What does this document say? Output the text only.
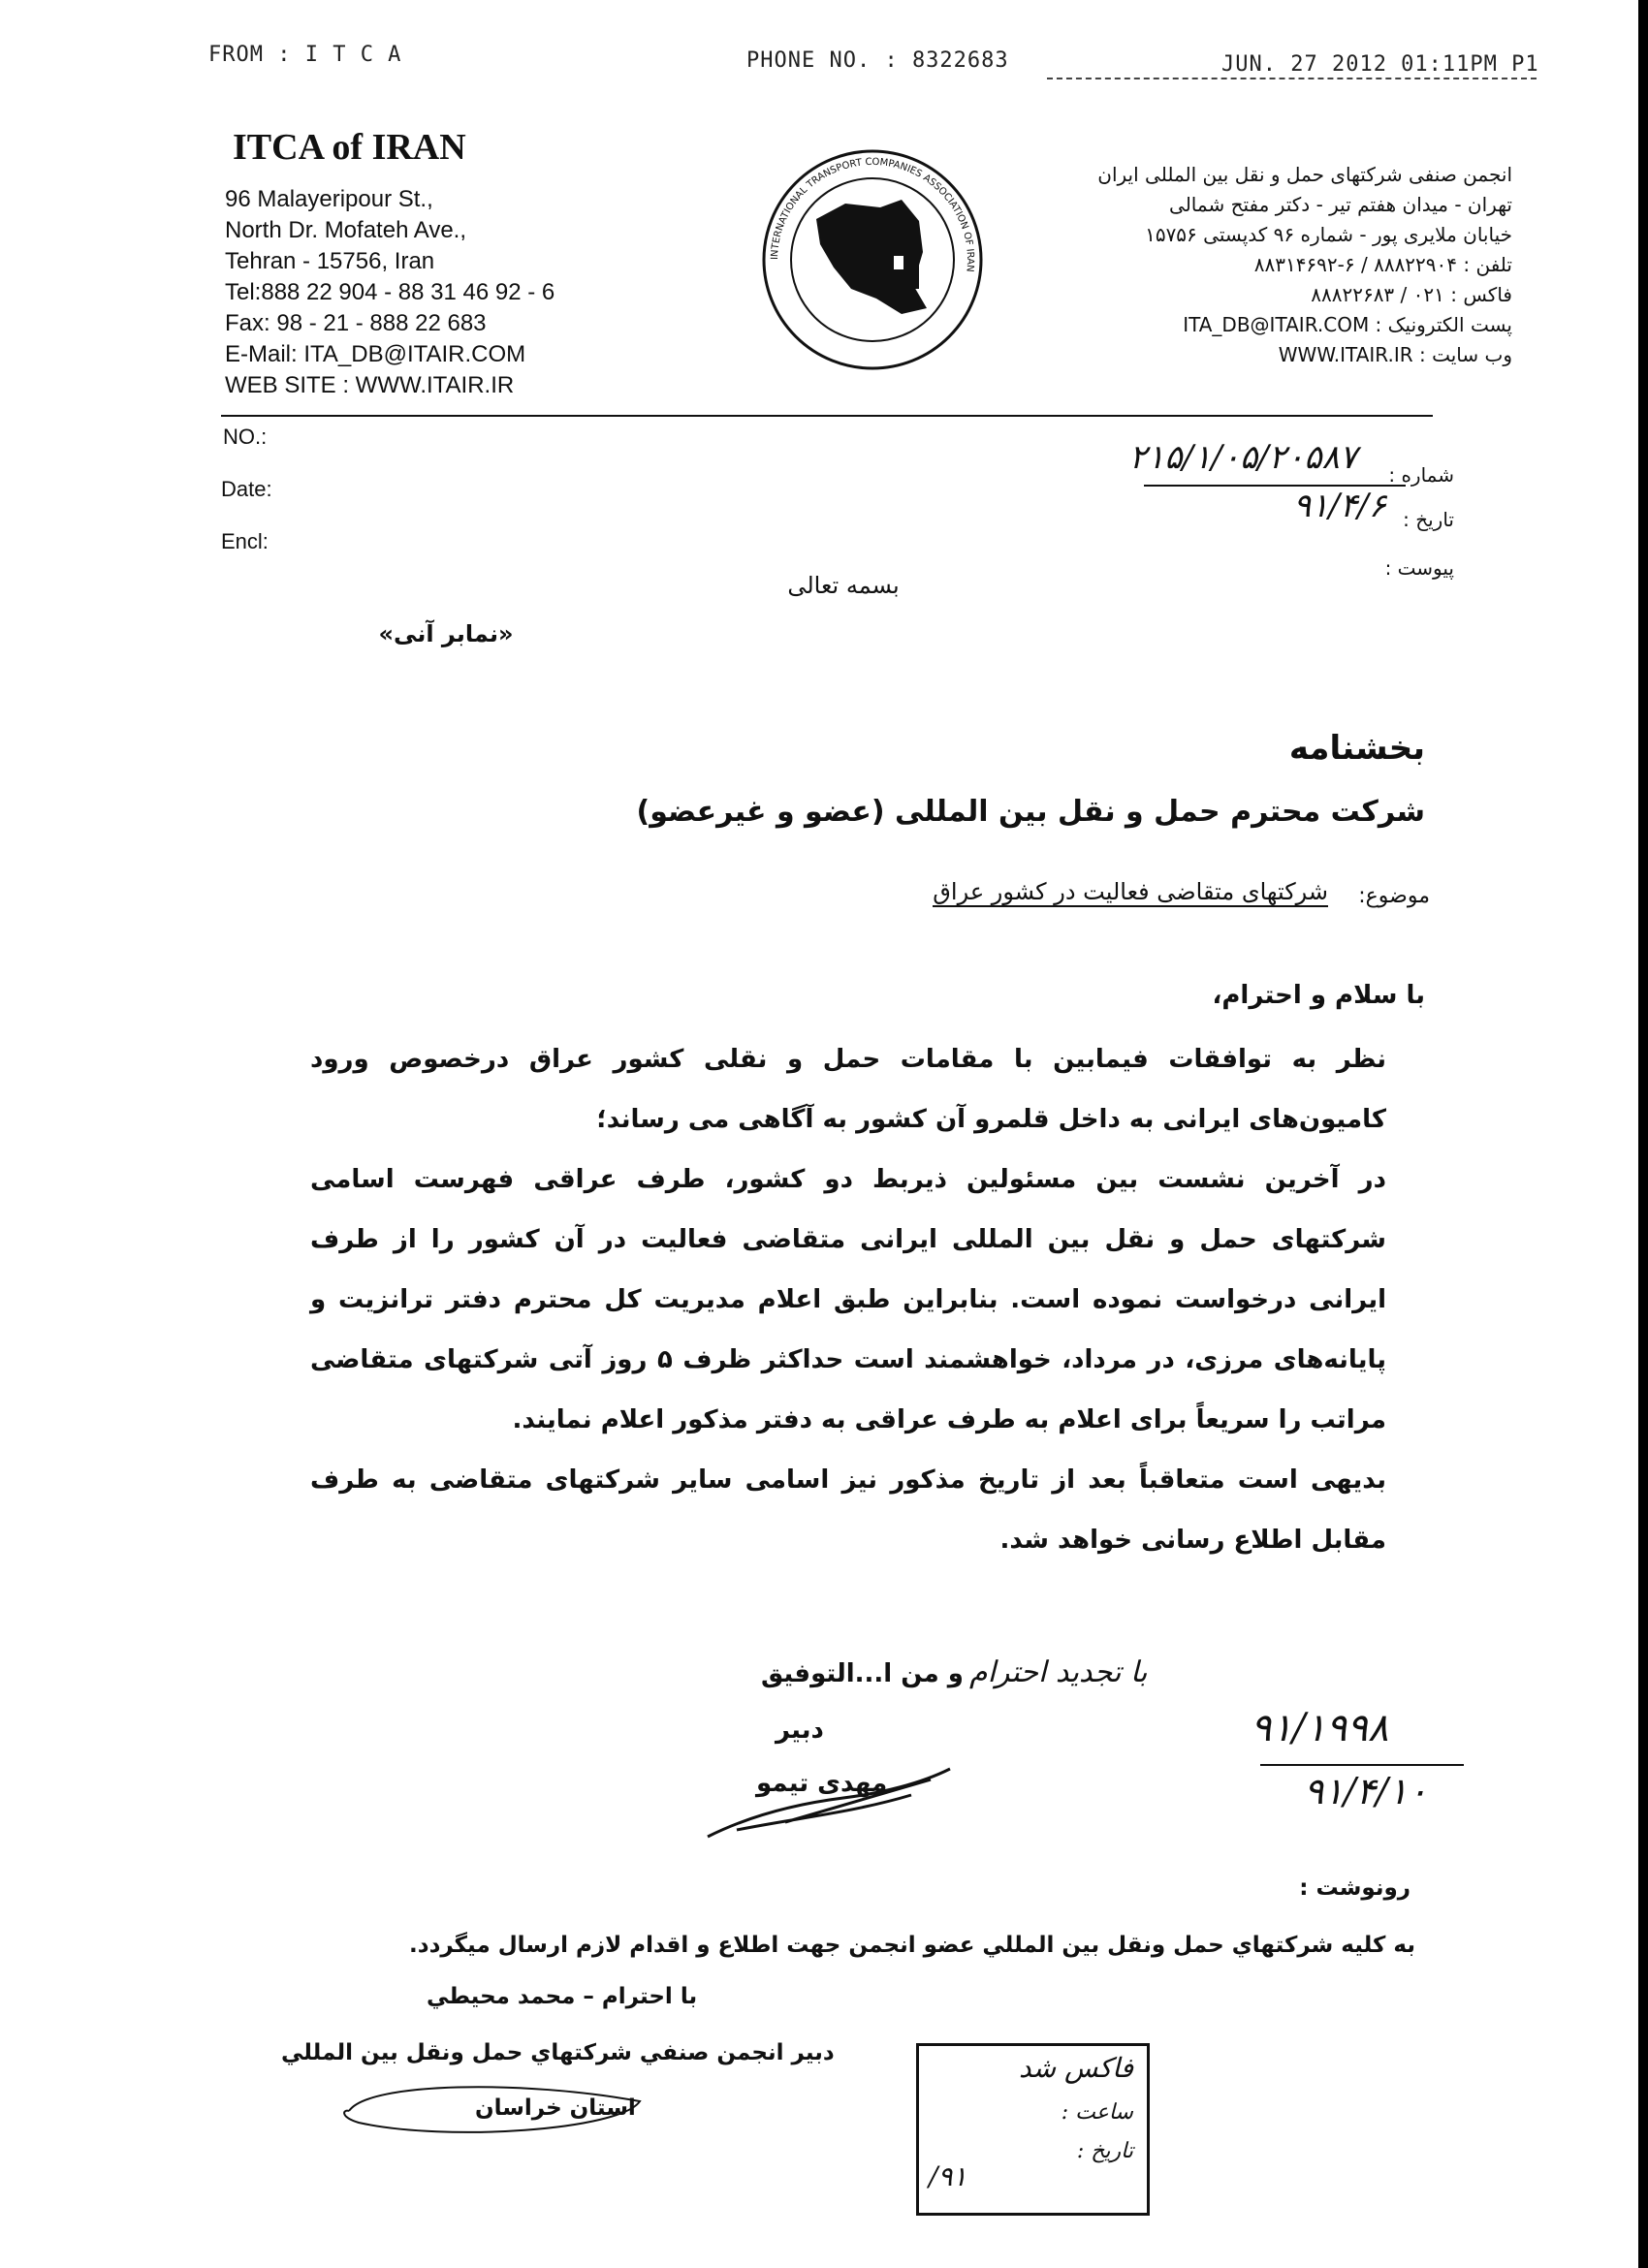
FROM : I T C A	PHONE NO. : 8322683	JUN. 27 2012 01:11PM P1
ITCA of IRAN
96 Malayeripour St.,
North Dr. Mofateh Ave.,
Tehran - 15756, Iran
Tel:888 22 904 - 88 31 46 92 - 6
Fax: 98 - 21 - 888 22 683
E-Mail: ITA_DB@ITAIR.COM
WEB SITE : WWW.ITAIR.IR
INTERNATIONAL TRANSPORT COMPANIES ASSOCIATION OF IRAN
انجمن صنفی شرکتهای حمل و نقل بین المللی ایران
تهران - میدان هفتم تیر - دکتر مفتح شمالی
خیابان ملایری پور - شماره ۹۶ کدپستی ۱۵۷۵۶
تلفن : ۸۸۸۲۲۹۰۴ / ۶-۸۸۳۱۴۶۹۲
فاکس : ۰۲۱ / ۸۸۸۲۲۶۸۳
پست الکترونیک : ITA_DB@ITAIR.COM
وب سایت : WWW.ITAIR.IR
NO.:
Date:
Encl:
شماره :
تاریخ :
پیوست :
۲۱۵/۱/۰۵/۲۰۵۸۷
۹۱/۴/۶
بسمه تعالی
«نمابر آنی»
بخشنامه
شرکت محترم حمل و نقل بین المللی (عضو و غیرعضو)
موضوع:
شرکتهای متقاضی فعالیت در کشور عراق
با سلام و احترام،

نظر به توافقات فیمابین با مقامات حمل و نقلی کشور عراق درخصوص ورود کامیون‌های ایرانی به داخل قلمرو آن کشور به آگاهی می رساند؛

در آخرین نشست بین مسئولین ذیربط دو کشور، طرف عراقی فهرست اسامی شرکتهای حمل و نقل بین المللی ایرانی متقاضی فعالیت در آن کشور را از طرف ایرانی درخواست نموده است. بنابراین طبق اعلام مدیریت کل محترم دفتر ترانزیت و پایانه‌های مرزی، در مرداد، خواهشمند است حداکثر ظرف ۵ روز آتی شرکتهای متقاضی مراتب را سریعاً برای اعلام به طرف عراقی به دفتر مذکور اعلام نمایند.

بدیهی است متعاقباً بعد از تاریخ مذکور نیز اسامی سایر شرکتهای متقاضی به طرف مقابل اطلاع رسانی خواهد شد.

با تجدید احترام
و من ا...التوفیق
دبیر
مهدی تیمو
۹۱/۱۹۹۸
۹۱/۴/۱۰
رونوشت :
به كليه شركتهاي حمل ونقل بين المللي عضو انجمن جهت اطلاع و اقدام لازم ارسال ميگردد.
با احترام – محمد محيطي
دبير انجمن صنفي شركتهاي حمل ونقل بين المللي
استان خراسان
فاکس شد
ساعت :
تاریخ :
۹۱/
